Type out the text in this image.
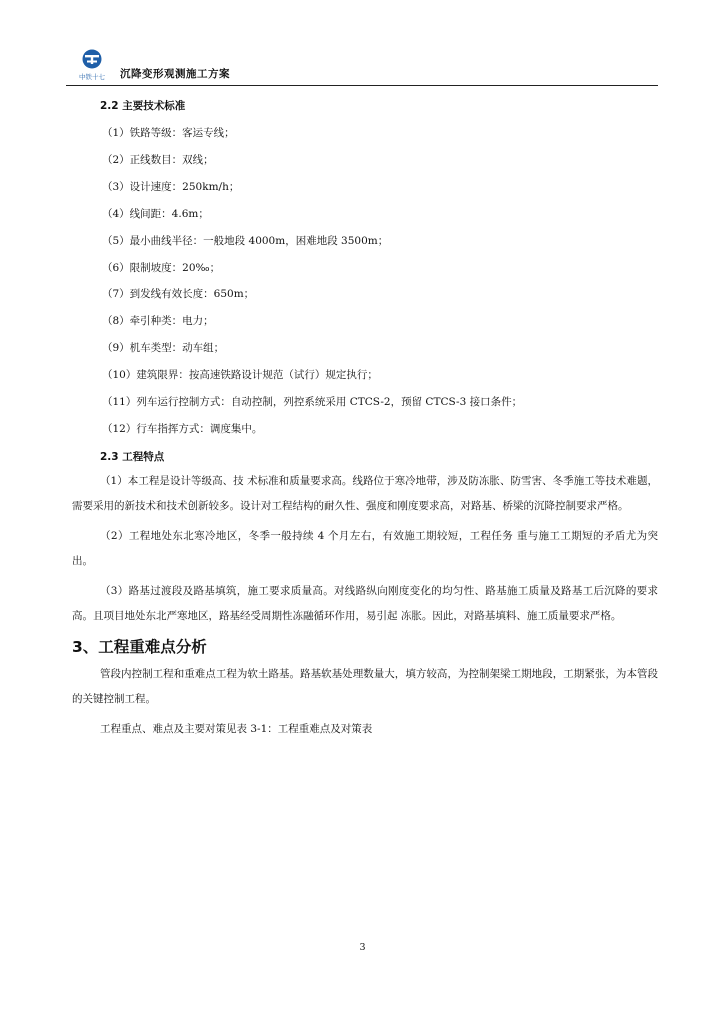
中铁十七 沉降变形观测施工方案
2.2 主要技术标准
（1）铁路等级：客运专线；
（2）正线数目：双线；
（3）设计速度：250km/h；
（4）线间距：4.6m；
（5）最小曲线半径：一般地段 4000m，困难地段 3500m；
（6）限制坡度：20‰；
（7）到发线有效长度：650m；
（8）牵引种类：电力；
（9）机车类型：动车组；
（10）建筑限界：按高速铁路设计规范（试行）规定执行；
（11）列车运行控制方式：自动控制，列控系统采用 CTCS-2，预留 CTCS-3 接口条件；
（12）行车指挥方式：调度集中。
2.3 工程特点

（1）本工程是设计等级高、技 术标准和质量要求高。线路位于寒冷地带，涉及防冻胀、防雪害、冬季施工等技术难题， 需要采用的新技术和技术创新较多。设计对工程结构的耐久性、强度和刚度要求高，对路基、桥梁的沉降控制要求严格。

（2）工程地处东北寒冷地区，冬季一般持续 4 个月左右，有效施工期较短，工程任务 重与施工工期短的矛盾尤为突出。

（3）路基过渡段及路基填筑，施工要求质量高。对线路纵向刚度变化的均匀性、路基施工质量及路基工后沉降的要求高。且项目地处东北严寒地区，路基经受周期性冻融循环作用，易引起 冻胀。因此，对路基填料、施工质量要求严格。

3、工程重难点分析

管段内控制工程和重难点工程为软土路基。路基软基处理数量大，填方较高，为控制架梁工期地段，工期紧张，为本管段的关键控制工程。

工程重点、难点及主要对策见表 3-1：工程重难点及对策表

3
